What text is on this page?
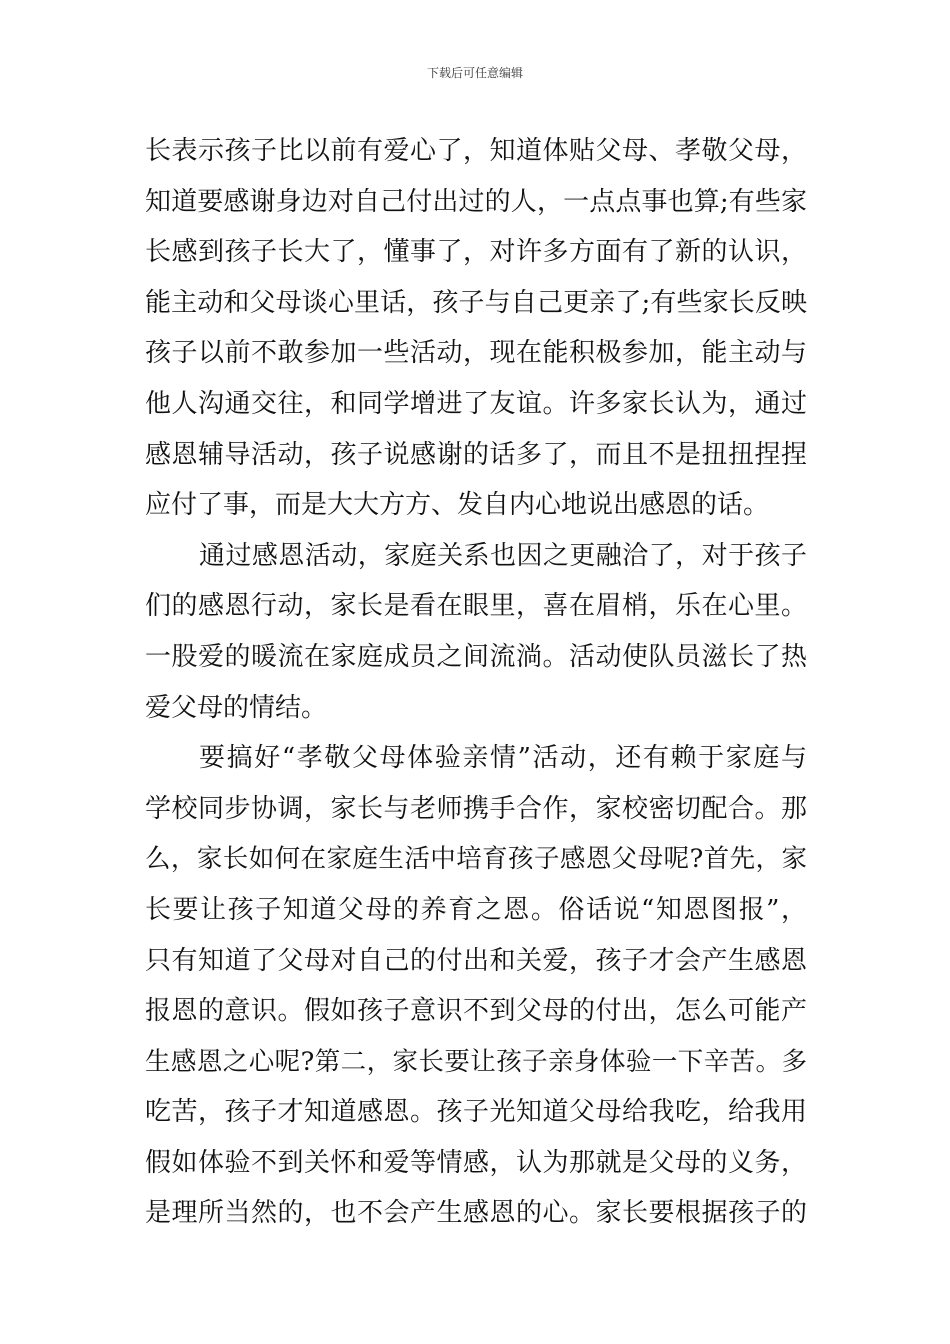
下载后可任意编辑
长表示孩子比以前有爱心了，知道体贴父母、孝敬父母，
知道要感谢身边对自己付出过的人，一点点事也算;有些家
长感到孩子长大了，懂事了，对许多方面有了新的认识，
能主动和父母谈心里话，孩子与自己更亲了;有些家长反映
孩子以前不敢参加一些活动，现在能积极参加，能主动与
他人沟通交往，和同学增进了友谊。许多家长认为，通过
感恩辅导活动，孩子说感谢的话多了，而且不是扭扭捏捏
应付了事，而是大大方方、发自内心地说出感恩的话。
通过感恩活动，家庭关系也因之更融洽了，对于孩子
们的感恩行动，家长是看在眼里，喜在眉梢，乐在心里。
一股爱的暖流在家庭成员之间流淌。活动使队员滋长了热
爱父母的情结。
要搞好“孝敬父母体验亲情”活动，还有赖于家庭与
学校同步协调，家长与老师携手合作，家校密切配合。那
么，家长如何在家庭生活中培育孩子感恩父母呢?首先，家
长要让孩子知道父母的养育之恩。俗话说“知恩图报”，
只有知道了父母对自己的付出和关爱，孩子才会产生感恩
报恩的意识。假如孩子意识不到父母的付出，怎么可能产
生感恩之心呢?第二，家长要让孩子亲身体验一下辛苦。多
吃苦，孩子才知道感恩。孩子光知道父母给我吃，给我用
假如体验不到关怀和爱等情感，认为那就是父母的义务，
是理所当然的，也不会产生感恩的心。家长要根据孩子的
